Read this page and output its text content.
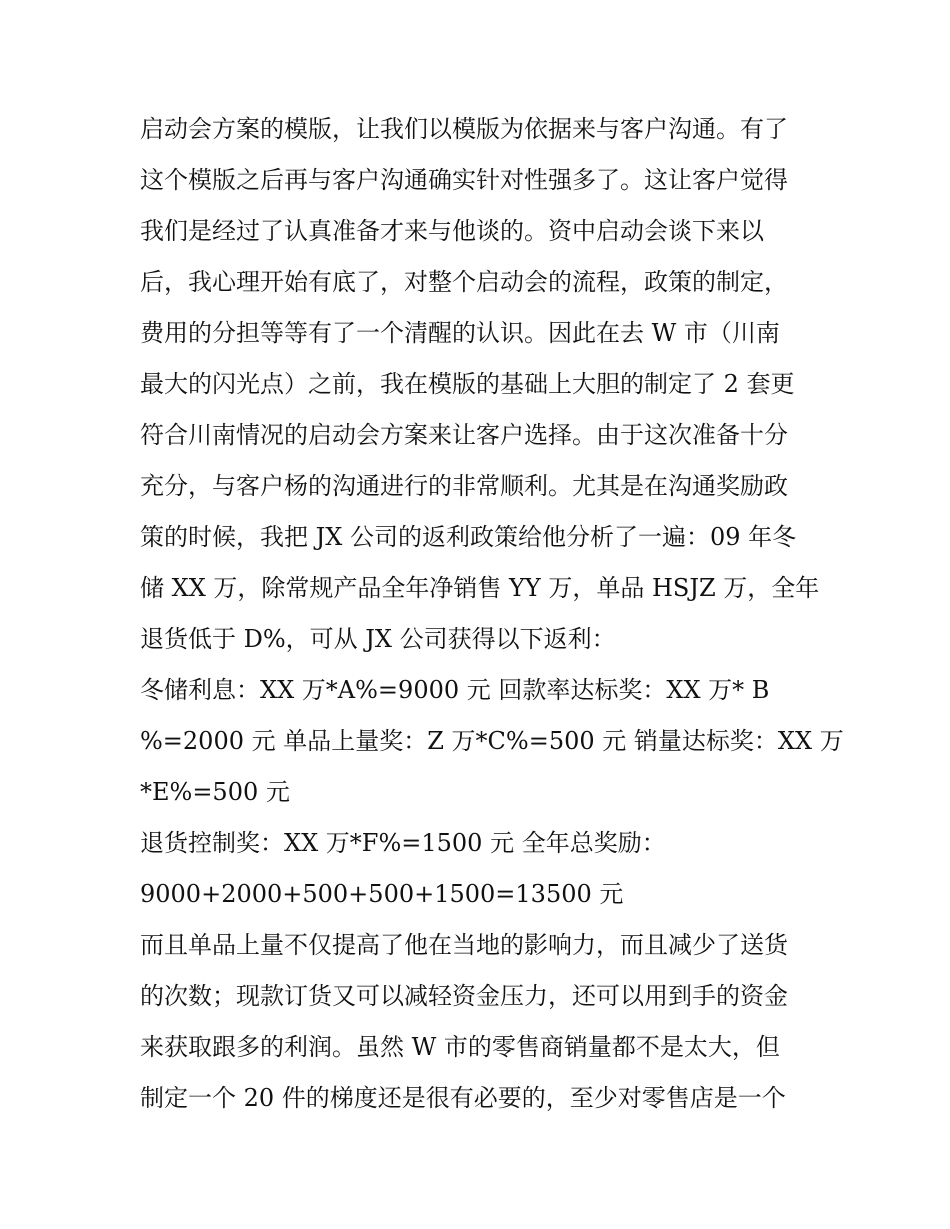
启动会方案的模版，让我们以模版为依据来与客户沟通。有了
这个模版之后再与客户沟通确实针对性强多了。这让客户觉得
我们是经过了认真准备才来与他谈的。资中启动会谈下来以
后，我心理开始有底了，对整个启动会的流程，政策的制定，
费用的分担等等有了一个清醒的认识。因此在去 W 市（川南
最大的闪光点）之前，我在模版的基础上大胆的制定了 2 套更
符合川南情况的启动会方案来让客户选择。由于这次准备十分
充分，与客户杨的沟通进行的非常顺利。尤其是在沟通奖励政
策的时候，我把 JX 公司的返利政策给他分析了一遍：09 年冬
储 XX 万，除常规产品全年净销售 YY 万，单品 HSJZ 万，全年
退货低于 D%，可从 JX 公司获得以下返利：
冬储利息：XX 万*A%=9000 元 回款率达标奖：XX 万* B
%=2000 元 单品上量奖：Z 万*C%=500 元 销量达标奖：XX 万
*E%=500 元
退货控制奖：XX 万*F%=1500 元 全年总奖励：
9000+2000+500+500+1500=13500 元
而且单品上量不仅提高了他在当地的影响力，而且减少了送货
的次数；现款订货又可以减轻资金压力，还可以用到手的资金
来获取跟多的利润。虽然 W 市的零售商销量都不是太大，但
制定一个 20 件的梯度还是很有必要的，至少对零售店是一个
